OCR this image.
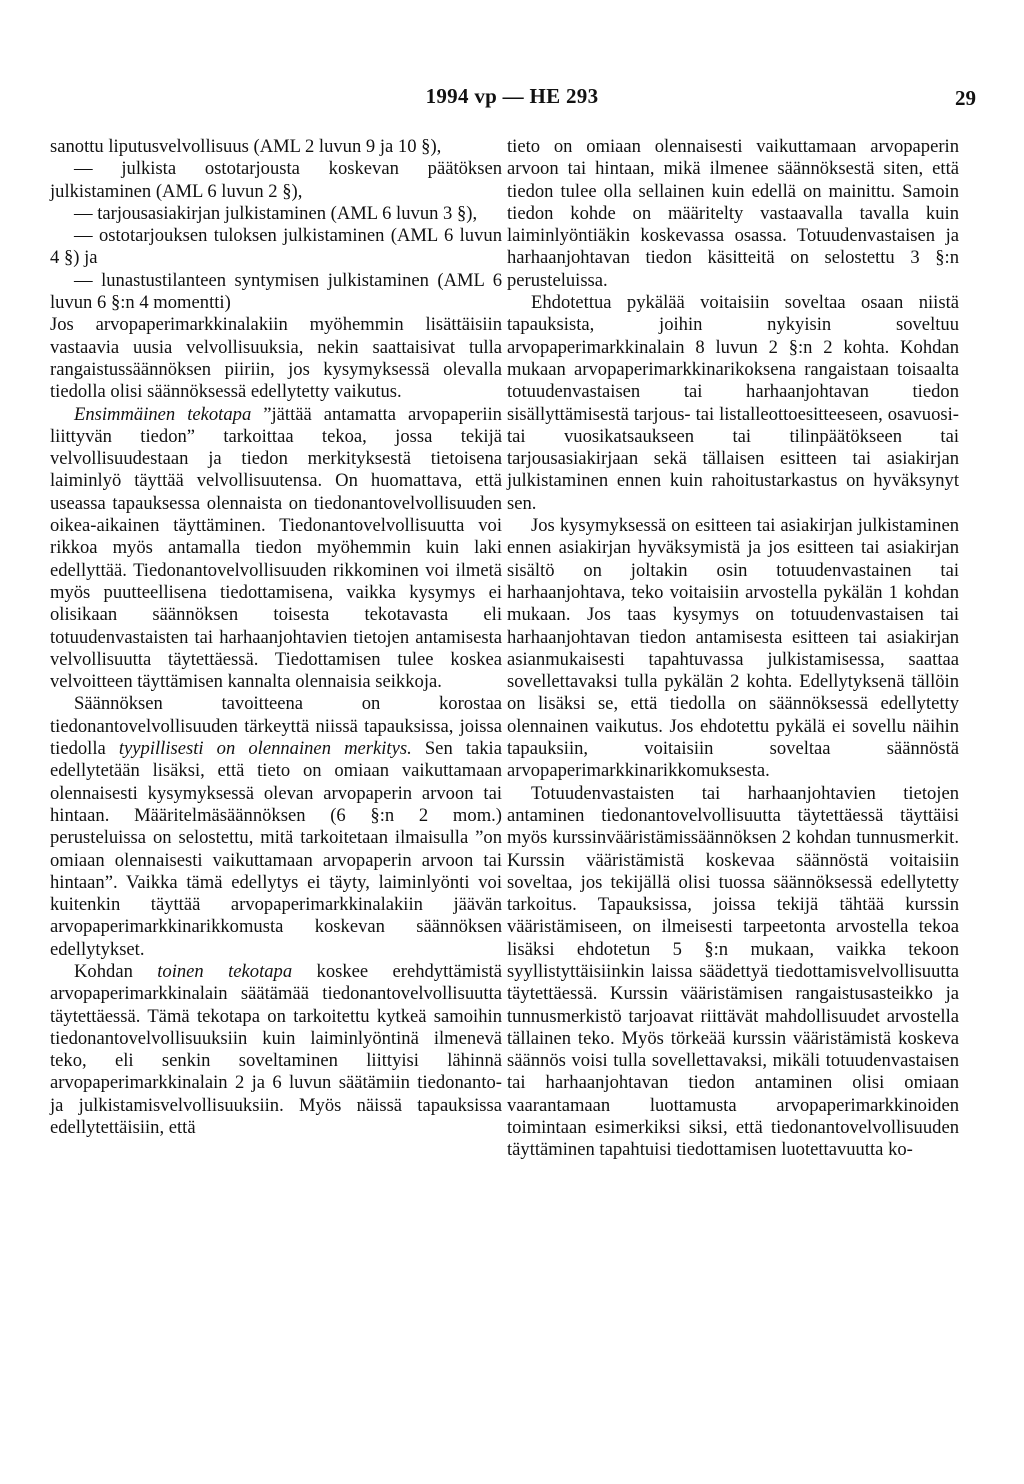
1994 vp — HE 293	29

sanottu liputusvelvollisuus (AML 2 luvun 9 ja 10 §),

— julkista ostotarjousta koskevan päätöksen julkistaminen (AML 6 luvun 2 §),

— tarjousasiakirjan julkistaminen (AML 6 luvun 3 §),

— ostotarjouksen tuloksen julkistaminen (AML 6 luvun 4 §) ja

— lunastustilanteen syntymisen julkistaminen (AML 6 luvun 6 §:n 4 momentti)

Jos arvopaperimarkkinalakiin myöhemmin lisättäisiin vastaavia uusia velvollisuuksia, nekin saattaisivat tulla rangaistussäännöksen piiriin, jos kysymyksessä olevalla tiedolla olisi säännöksessä edellytetty vaikutus.

Ensimmäinen tekotapa ”jättää antamatta arvopaperiin liittyvän tiedon” tarkoittaa tekoa, jossa tekijä velvollisuudestaan ja tiedon merkityksestä tietoisena laiminlyö täyttää velvollisuutensa. On huomattava, että useassa tapauksessa olennaista on tiedonantovelvollisuuden oikea-aikainen täyttäminen. Tiedonantovelvollisuutta voi rikkoa myös antamalla tiedon myöhemmin kuin laki edellyttää. Tiedonantovelvollisuuden rikkominen voi ilmetä myös puutteellisena tiedottamisena, vaikka kysymys ei olisikaan säännöksen toisesta tekotavasta eli totuudenvastaisten tai harhaanjohtavien tietojen antamisesta velvollisuutta täytettäessä. Tiedottamisen tulee koskea velvoitteen täyttämisen kannalta olennaisia seikkoja.

Säännöksen tavoitteena on korostaa tiedonantovelvollisuuden tärkeyttä niissä tapauksissa, joissa tiedolla tyypillisesti on olennainen merkitys. Sen takia edellytetään lisäksi, että tieto on omiaan vaikuttamaan olennaisesti kysymyksessä olevan arvopaperin arvoon tai hintaan. Määritelmäsäännöksen (6 §:n 2 mom.) perusteluissa on selostettu, mitä tarkoitetaan ilmaisulla ”on omiaan olennaisesti vaikuttamaan arvopaperin arvoon tai hintaan”. Vaikka tämä edellytys ei täyty, laiminlyönti voi kuitenkin täyttää arvopaperimarkkinalakiin jäävän arvopaperimarkkinarikkomusta koskevan säännöksen edellytykset.

Kohdan toinen tekotapa koskee erehdyttämistä arvopaperimarkkinalain säätämää tiedonantovelvollisuutta täytettäessä. Tämä tekotapa on tarkoitettu kytkeä samoihin tiedonantovelvollisuuksiin kuin laiminlyöntinä ilmenevä teko, eli senkin soveltaminen liittyisi lähinnä arvopaperimarkkinalain 2 ja 6 luvun säätämiin tiedonanto- ja julkistamisvelvollisuuksiin. Myös näissä tapauksissa edellytettäisiin, että

tieto on omiaan olennaisesti vaikuttamaan arvopaperin arvoon tai hintaan, mikä ilmenee säännöksestä siten, että tiedon tulee olla sellainen kuin edellä on mainittu. Samoin tiedon kohde on määritelty vastaavalla tavalla kuin laiminlyöntiäkin koskevassa osassa. Totuudenvastaisen ja harhaanjohtavan tiedon käsitteitä on selostettu 3 §:n perusteluissa.

Ehdotettua pykälää voitaisiin soveltaa osaan niistä tapauksista, joihin nykyisin soveltuu arvopaperimarkkinalain 8 luvun 2 §:n 2 kohta. Kohdan mukaan arvopaperimarkkinarikoksena rangaistaan toisaalta totuudenvastaisen tai harhaanjohtavan tiedon sisällyttämisestä tarjous- tai listalleottoesitteeseen, osavuosi- tai vuosikatsaukseen tai tilinpäätökseen tai tarjousasiakirjaan sekä tällaisen esitteen tai asiakirjan julkistaminen ennen kuin rahoitustarkastus on hyväksynyt sen.

Jos kysymyksessä on esitteen tai asiakirjan julkistaminen ennen asiakirjan hyväksymistä ja jos esitteen tai asiakirjan sisältö on joltakin osin totuudenvastainen tai harhaanjohtava, teko voitaisiin arvostella pykälän 1 kohdan mukaan. Jos taas kysymys on totuudenvastaisen tai harhaanjohtavan tiedon antamisesta esitteen tai asiakirjan asianmukaisesti tapahtuvassa julkistamisessa, saattaa sovellettavaksi tulla pykälän 2 kohta. Edellytyksenä tällöin on lisäksi se, että tiedolla on säännöksessä edellytetty olennainen vaikutus. Jos ehdotettu pykälä ei sovellu näihin tapauksiin, voitaisiin soveltaa säännöstä arvopaperimarkkinarikkomuksesta.

Totuudenvastaisten tai harhaanjohtavien tietojen antaminen tiedonantovelvollisuutta täytettäessä täyttäisi myös kurssinvääristämissäännöksen 2 kohdan tunnusmerkit. Kurssin vääristämistä koskevaa säännöstä voitaisiin soveltaa, jos tekijällä olisi tuossa säännöksessä edellytetty tarkoitus. Tapauksissa, joissa tekijä tähtää kurssin vääristämiseen, on ilmeisesti tarpeetonta arvostella tekoa lisäksi ehdotetun 5 §:n mukaan, vaikka tekoon syyllistyttäisiinkin laissa säädettyä tiedottamisvelvollisuutta täytettäessä. Kurssin vääristämisen rangaistusasteikko ja tunnusmerkistö tarjoavat riittävät mahdollisuudet arvostella tällainen teko. Myös törkeää kurssin vääristämistä koskeva säännös voisi tulla sovellettavaksi, mikäli totuudenvastaisen tai harhaanjohtavan tiedon antaminen olisi omiaan vaarantamaan luottamusta arvopaperimarkkinoiden toimintaan esimerkiksi siksi, että tiedonantovelvollisuuden täyttäminen tapahtuisi tiedottamisen luotettavuutta ko-
